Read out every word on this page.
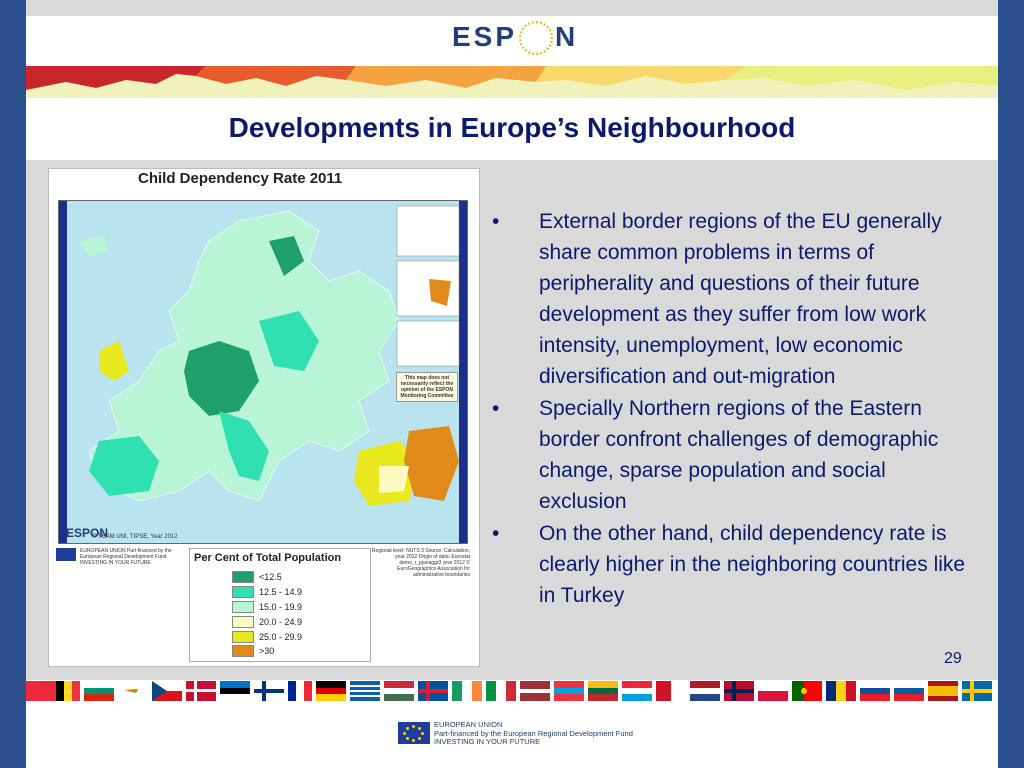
ESP N
Developments in Europe’s Neighbourhood
Child Dependency Rate 2011
This map does not necessarily reflect the opinion of the ESPON Monitoring Committee
ESPON
© TEAM UNI, TIPSE, Year 2012
EUROPEAN UNION Part-financed by the European Regional Development Fund INVESTING IN YOUR FUTURE
Regional level: NUTS 3 Source: Calculation, year 2012 Origin of data: Eurostat demo_r_pjanaggr3 year 2012 © EuroGeographics Association for administrative boundaries
Per Cent of Total Population
<12.5
12.5 - 14.9
15.0 - 19.9
20.0 - 24.9
25.0 - 29.9
>30
• External border regions of the EU generally share common problems in terms of peripherality and questions of their future development as they suffer from low work intensity, unemployment, low economic diversification and out-migration
• Specially Northern regions of the Eastern border confront challenges of demographic change, sparse population and social exclusion
• On the other hand, child dependency rate is clearly higher in the neighboring countries like in Turkey
29
EUROPEAN UNION
Part-financed by the European Regional Development Fund
INVESTING IN YOUR FUTURE
